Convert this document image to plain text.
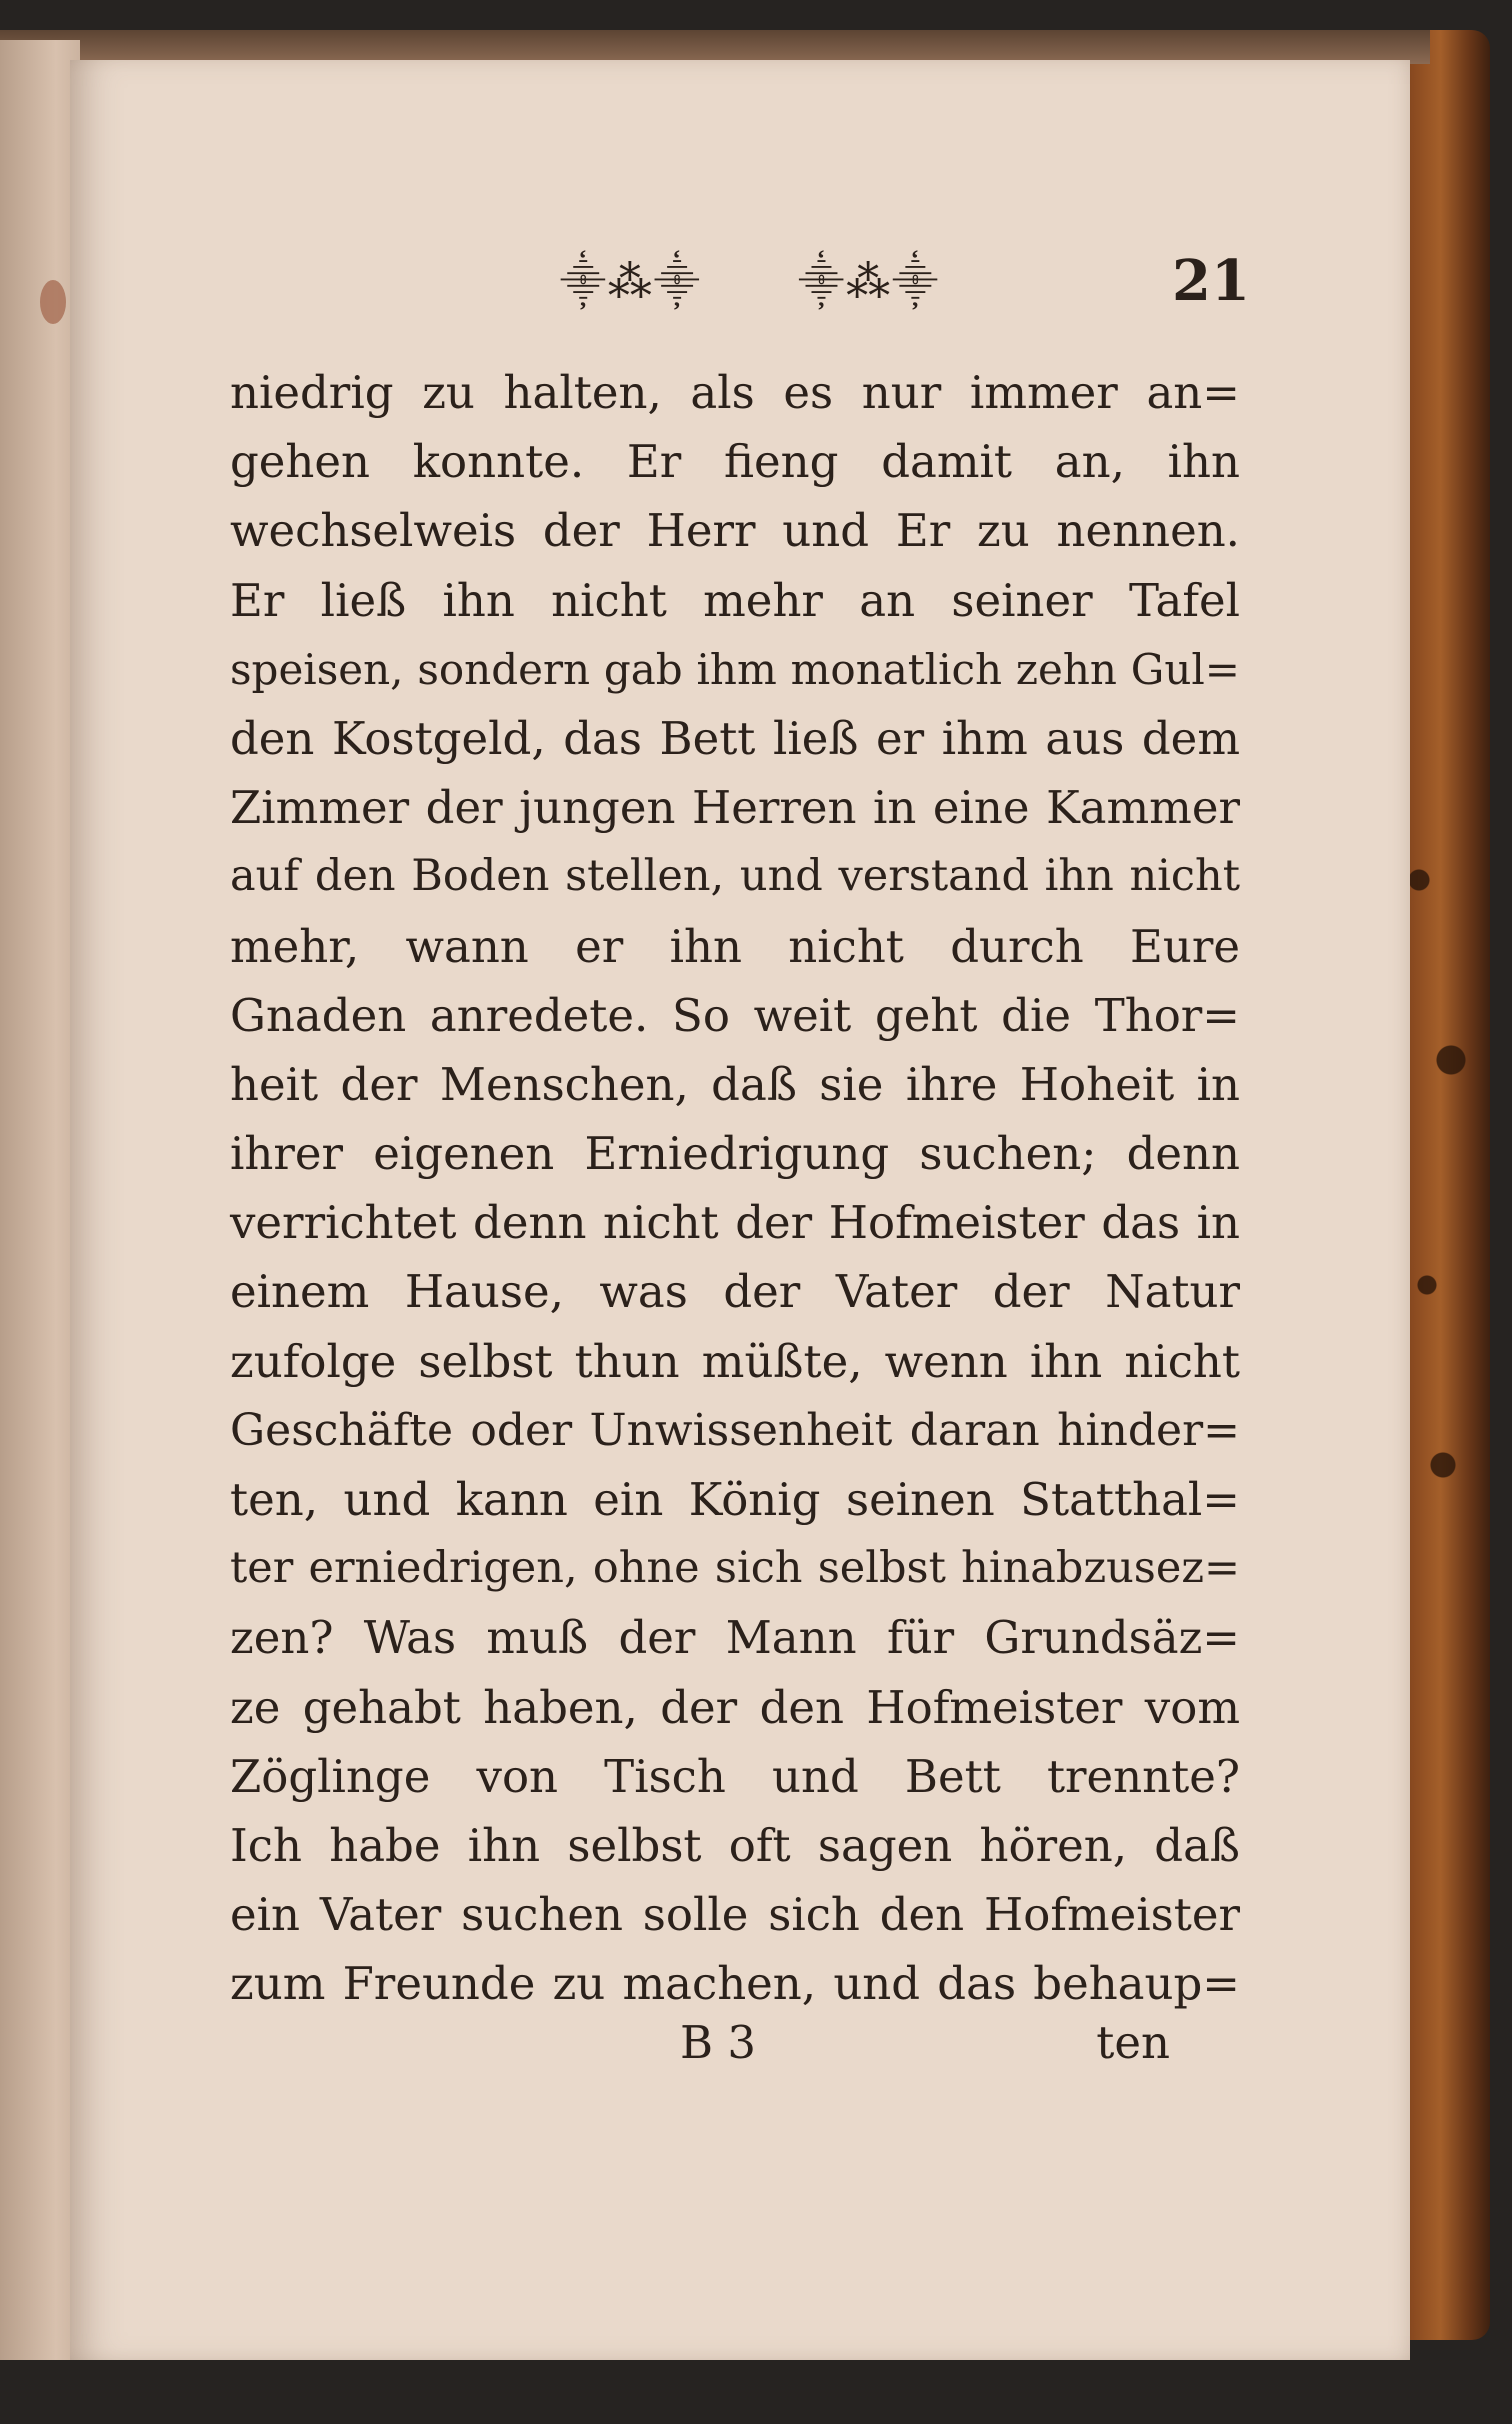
⸎⁂⸎ ⸎⁂⸎	21
niedrig zu halten, als es nur immer an=
gehen konnte. Er fieng damit an, ihn
wechselweis der Herr und Er zu nennen.
Er ließ ihn nicht mehr an seiner Tafel
speisen, sondern gab ihm monatlich zehn Gul=
den Kostgeld, das Bett ließ er ihm aus dem
Zimmer der jungen Herren in eine Kammer
auf den Boden stellen, und verstand ihn nicht
mehr, wann er ihn nicht durch Eure
Gnaden anredete. So weit geht die Thor=
heit der Menschen, daß sie ihre Hoheit in
ihrer eigenen Erniedrigung suchen; denn
verrichtet denn nicht der Hofmeister das in
einem Hause, was der Vater der Natur
zufolge selbst thun müßte, wenn ihn nicht
Geschäfte oder Unwissenheit daran hinder=
ten, und kann ein König seinen Statthal=
ter erniedrigen, ohne sich selbst hinabzusez=
zen? Was muß der Mann für Grundsäz=
ze gehabt haben, der den Hofmeister vom
Zöglinge von Tisch und Bett trennte?
Ich habe ihn selbst oft sagen hören, daß
ein Vater suchen solle sich den Hofmeister
zum Freunde zu machen, und das behaup=
B 3	ten
